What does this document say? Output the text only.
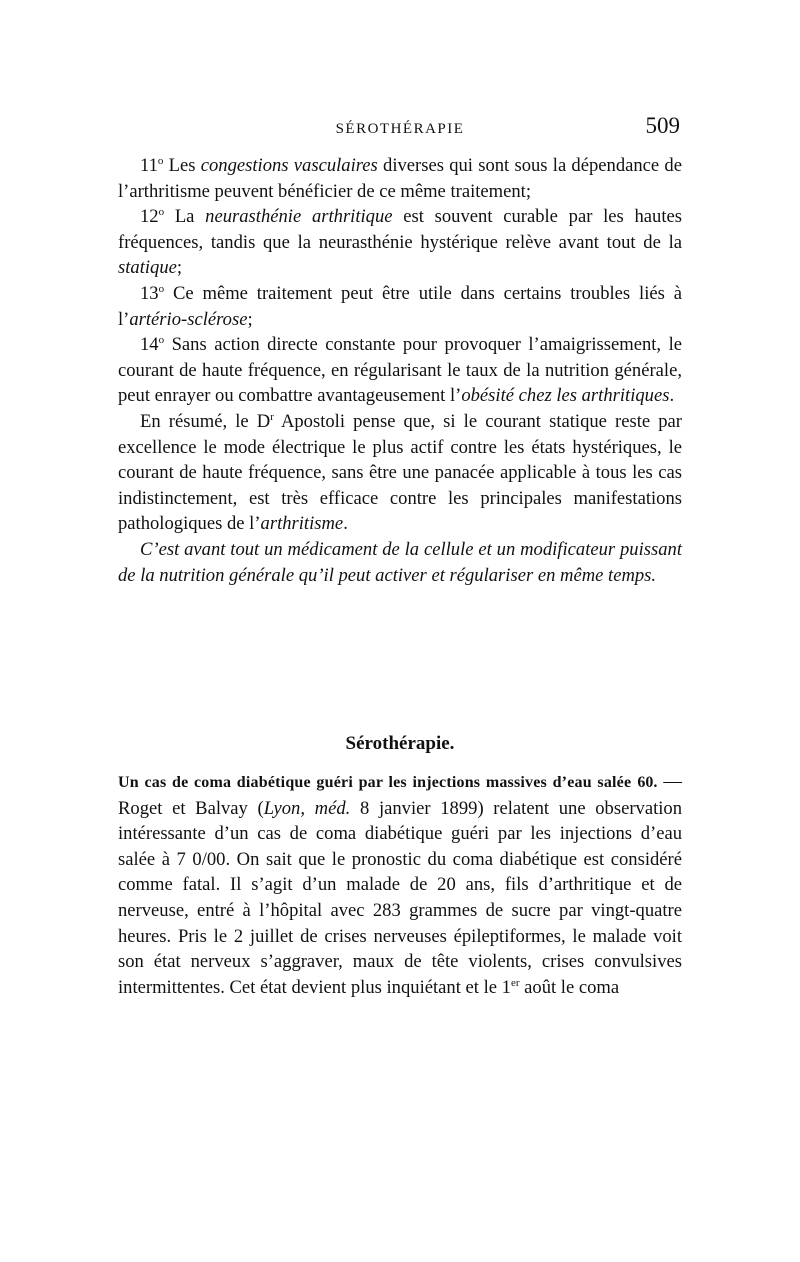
SÉROTHÉRAPIE	509

11$^o$ Les congestions vasculaires diverses qui sont sous la dépendance de l’arthritisme peuvent bénéficier de ce même traitement;

12$^o$ La neurasthénie arthritique est souvent curable par les hautes fréquences, tandis que la neurasthénie hystérique relève avant tout de la statique;

13$^o$ Ce même traitement peut être utile dans certains troubles liés à l’artério-sclérose;

14$^o$ Sans action directe constante pour provoquer l’amaigrissement, le courant de haute fréquence, en régularisant le taux de la nutrition générale, peut enrayer ou combattre avantageusement l’obésité chez les arthritiques.

En résumé, le $D^r$ Apostoli pense que, si le courant statique reste par excellence le mode électrique le plus actif contre les états hystériques, le courant de haute fréquence, sans être une panacée applicable à tous les cas indistinctement, est très efficace contre les principales manifestations pathologiques de l’arthritisme.

C’est avant tout un médicament de la cellule et un modificateur puissant de la nutrition générale qu’il peut activer et régulariser en même temps.

Sérothérapie.
Un cas de coma diabétique guéri par les injections massives d’eau salée 60. — Roget et Balvay (Lyon, méd. 8 janvier 1899) relatent une observation intéressante d’un cas de coma diabétique guéri par les injections d’eau salée à 7 0/00. On sait que le pronostic du coma diabétique est considéré comme fatal. Il s’agit d’un malade de 20 ans, fils d’arthritique et de nerveuse, entré à l’hôpital avec 283 grammes de sucre par vingt-quatre heures. Pris le 2 juillet de crises nerveuses épileptiformes, le malade voit son état nerveux s’aggraver, maux de tête violents, crises convulsives intermittentes. Cet état devient plus inquiétant et le 1er août le coma
